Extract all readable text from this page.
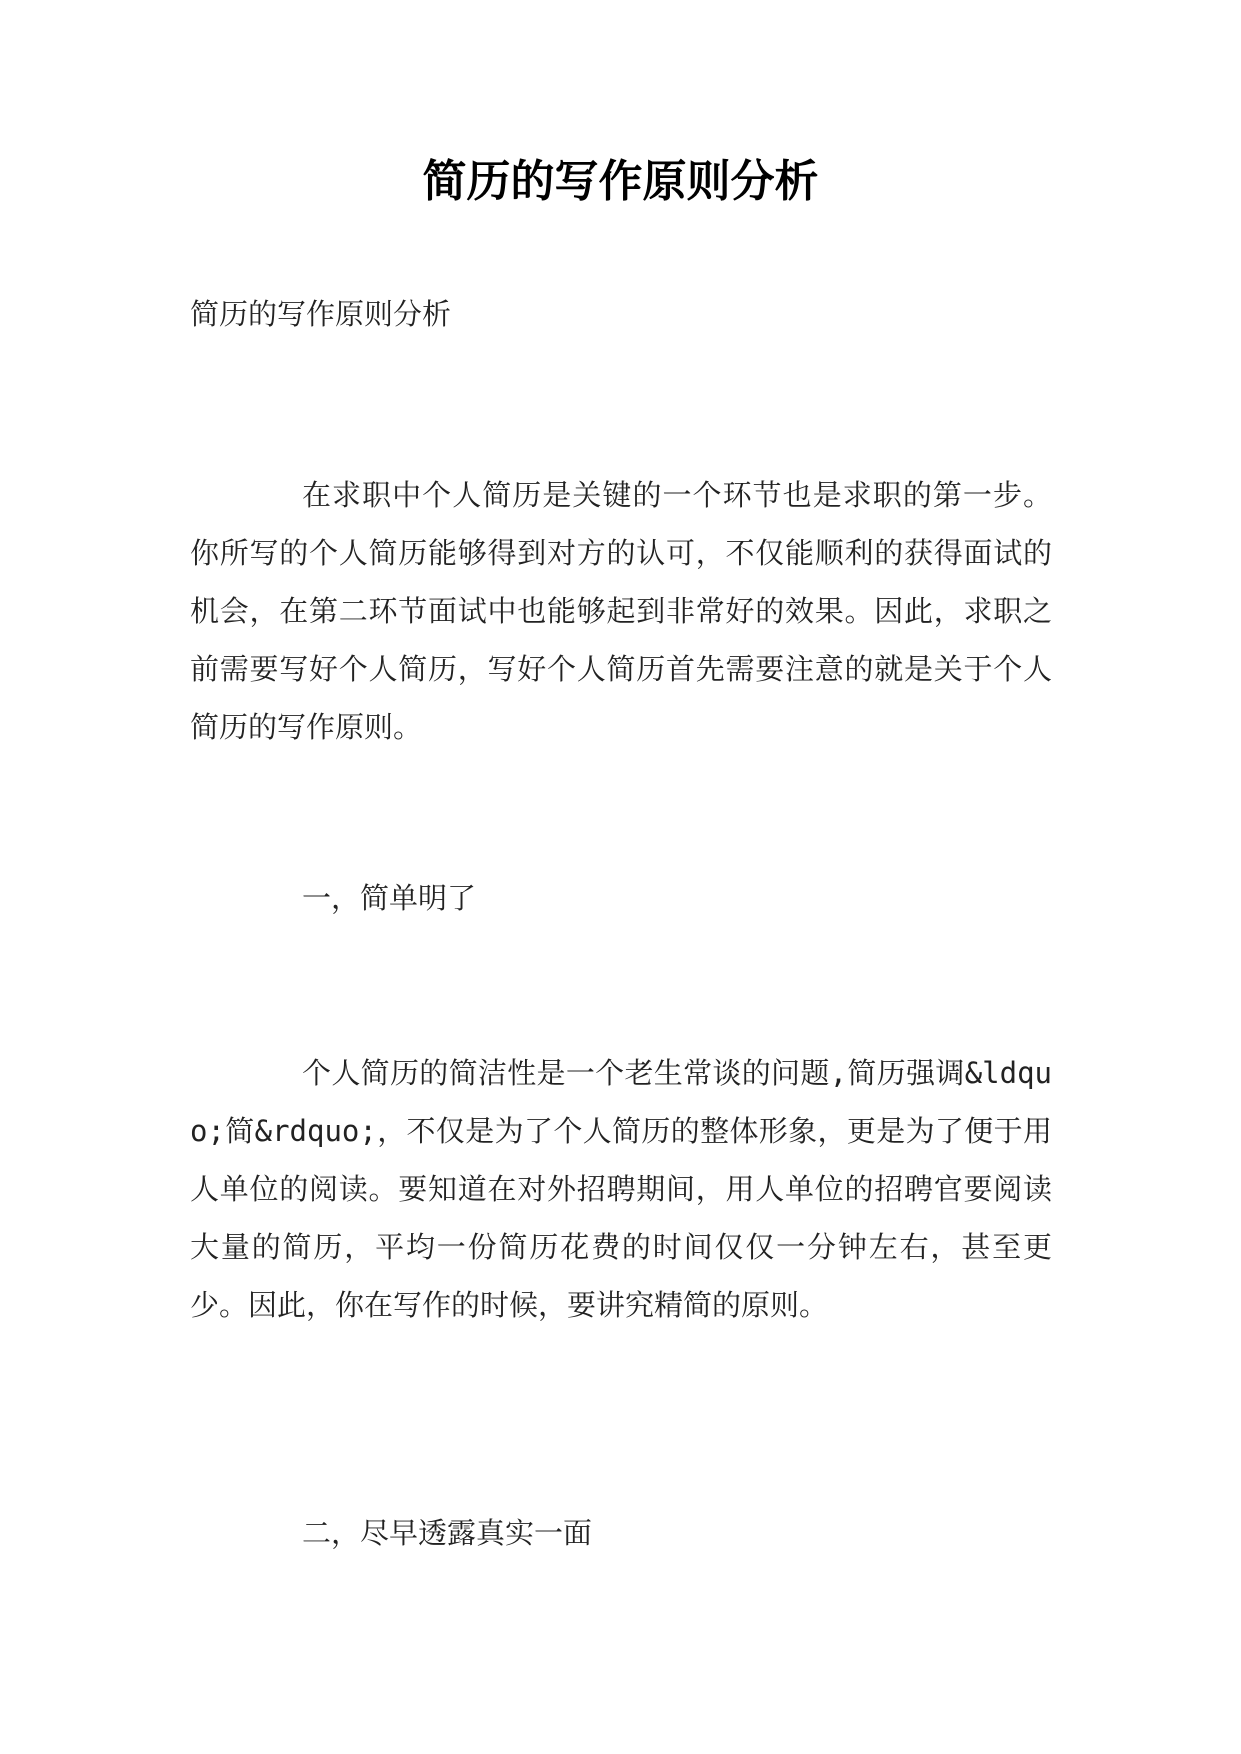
简历的写作原则分析

简历的写作原则分析

在求职中个人简历是关键的一个环节也是求职的第一步。你所写的个人简历能够得到对方的认可，不仅能顺利的获得面试的机会，在第二环节面试中也能够起到非常好的效果。因此，求职之前需要写好个人简历，写好个人简历首先需要注意的就是关于个人简历的写作原则。

一，简单明了

个人简历的简洁性是一个老生常谈的问题,简历强调&ldquo;简&rdquo;，不仅是为了个人简历的整体形象，更是为了便于用人单位的阅读。要知道在对外招聘期间，用人单位的招聘官要阅读大量的简历，平均一份简历花费的时间仅仅一分钟左右，甚至更少。因此，你在写作的时候，要讲究精简的原则。

二，尽早透露真实一面
